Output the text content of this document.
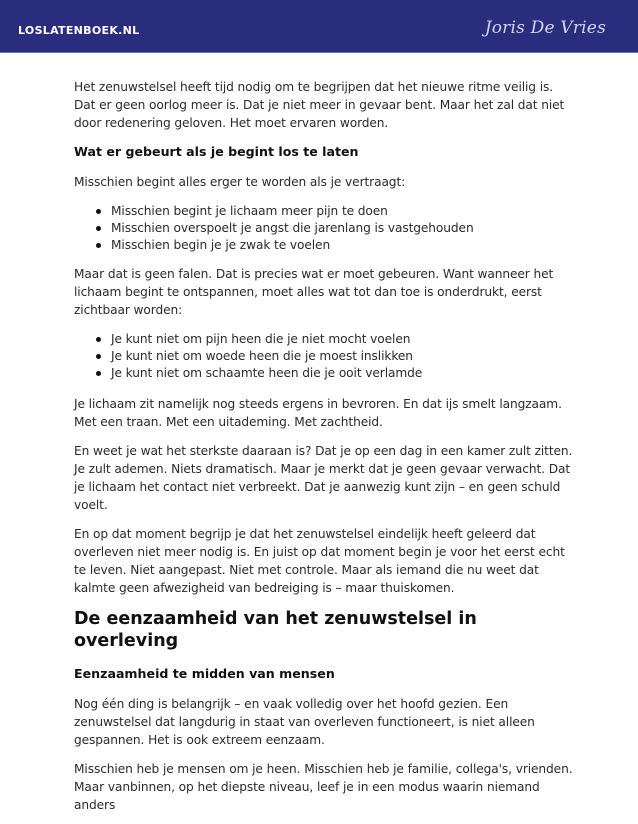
LOSLATENBOEK.NL	Joris De Vries

Het zenuwstelsel heeft tijd nodig om te begrijpen dat het nieuwe ritme veilig is. Dat er geen oorlog meer is. Dat je niet meer in gevaar bent. Maar het zal dat niet door redenering geloven. Het moet ervaren worden.

Wat er gebeurt als je begint los te laten

Misschien begint alles erger te worden als je vertraagt:

Misschien begint je lichaam meer pijn te doen
Misschien overspoelt je angst die jarenlang is vastgehouden
Misschien begin je je zwak te voelen

Maar dat is geen falen. Dat is precies wat er moet gebeuren. Want wanneer het lichaam begint te ontspannen, moet alles wat tot dan toe is onderdrukt, eerst zichtbaar worden:

Je kunt niet om pijn heen die je niet mocht voelen
Je kunt niet om woede heen die je moest inslikken
Je kunt niet om schaamte heen die je ooit verlamde

Je lichaam zit namelijk nog steeds ergens in bevroren. En dat ijs smelt langzaam. Met een traan. Met een uitademing. Met zachtheid.

En weet je wat het sterkste daaraan is? Dat je op een dag in een kamer zult zitten. Je zult ademen. Niets dramatisch. Maar je merkt dat je geen gevaar verwacht. Dat je lichaam het contact niet verbreekt. Dat je aanwezig kunt zijn – en geen schuld voelt.

En op dat moment begrijp je dat het zenuwstelsel eindelijk heeft geleerd dat overleven niet meer nodig is. En juist op dat moment begin je voor het eerst echt te leven. Niet aangepast. Niet met controle. Maar als iemand die nu weet dat kalmte geen afwezigheid van bedreiging is – maar thuiskomen.

De eenzaamheid van het zenuwstelsel in overleving
Eenzaamheid te midden van mensen

Nog één ding is belangrijk – en vaak volledig over het hoofd gezien. Een zenuwstelsel dat langdurig in staat van overleven functioneert, is niet alleen gespannen. Het is ook extreem eenzaam.

Misschien heb je mensen om je heen. Misschien heb je familie, collega's, vrienden. Maar vanbinnen, op het diepste niveau, leef je in een modus waarin niemand anders
